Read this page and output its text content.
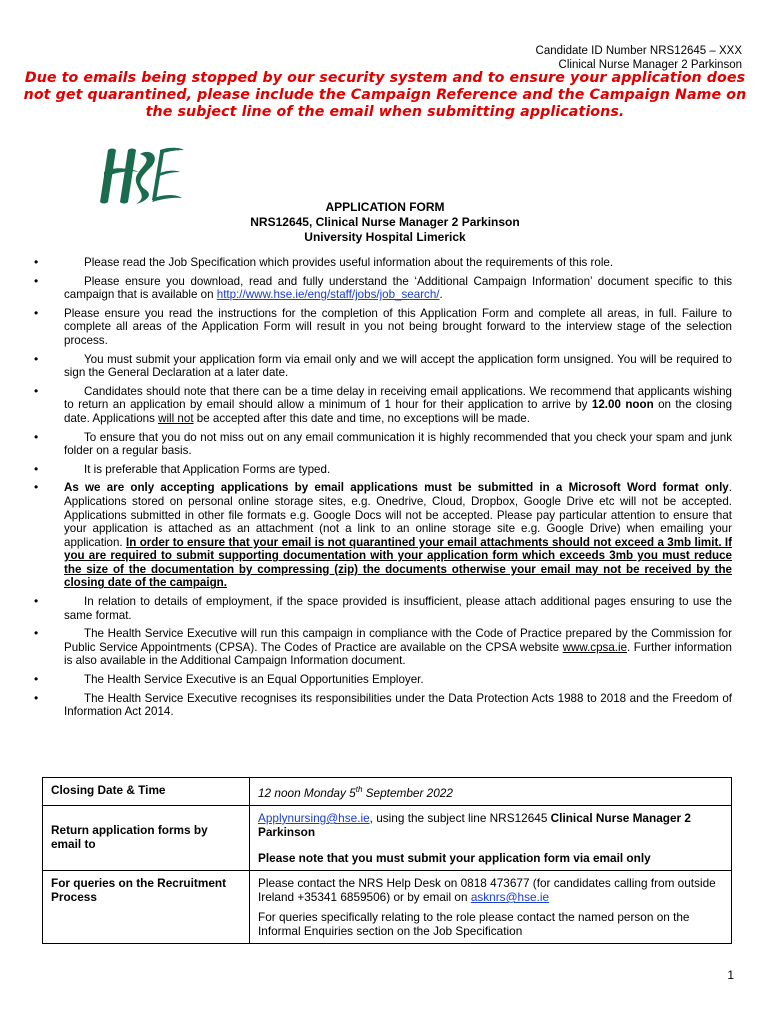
Candidate ID Number NRS12645 – XXX
Clinical Nurse Manager 2 Parkinson
Due to emails being stopped by our security system and to ensure your application does not get quarantined, please include the Campaign Reference and the Campaign Name on the subject line of the email when submitting applications.
APPLICATION FORM
NRS12645, Clinical Nurse Manager 2 Parkinson
University Hospital Limerick
•	Please read the Job Specification which provides useful information about the requirements of this role.
•	Please ensure you download, read and fully understand the ‘Additional Campaign Information’ document specific to this campaign that is available on http://www.hse.ie/eng/staff/jobs/job_search/.
• Please ensure you read the instructions for the completion of this Application Form and complete all areas, in full. Failure to complete all areas of the Application Form will result in you not being brought forward to the interview stage of the selection process.
•	You must submit your application form via email only and we will accept the application form unsigned. You will be required to sign the General Declaration at a later date.
•	Candidates should note that there can be a time delay in receiving email applications. We recommend that applicants wishing to return an application by email should allow a minimum of 1 hour for their application to arrive by 12.00 noon on the closing date. Applications will not be accepted after this date and time, no exceptions will be made.
•	To ensure that you do not miss out on any email communication it is highly recommended that you check your spam and junk folder on a regular basis.
•	It is preferable that Application Forms are typed.
• As we are only accepting applications by email applications must be submitted in a Microsoft Word format only. Applications stored on personal online storage sites, e.g. Onedrive, Cloud, Dropbox, Google Drive etc will not be accepted. Applications submitted in other file formats e.g. Google Docs will not be accepted. Please pay particular attention to ensure that your application is attached as an attachment (not a link to an online storage site e.g. Google Drive) when emailing your application. In order to ensure that your email is not quarantined your email attachments should not exceed a 3mb limit. If you are required to submit supporting documentation with your application form which exceeds 3mb you must reduce the size of the documentation by compressing (zip) the documents otherwise your email may not be received by the closing date of the campaign.
•	In relation to details of employment, if the space provided is insufficient, please attach additional pages ensuring to use the same format.
•	The Health Service Executive will run this campaign in compliance with the Code of Practice prepared by the Commission for Public Service Appointments (CPSA). The Codes of Practice are available on the CPSA website www.cpsa.ie. Further information is also available in the Additional Campaign Information document.
•	The Health Service Executive is an Equal Opportunities Employer.
•	The Health Service Executive recognises its responsibilities under the Data Protection Acts 1988 to 2018 and the Freedom of Information Act 2014.
Closing Date & Time	12 noon Monday 5th September 2022

Return application forms by email to	Applynursing@hse.ie, using the subject line NRS12645 Clinical Nurse Manager 2 Parkinson
Please note that you must submit your application form via email only

For queries on the Recruitment Process	Please contact the NRS Help Desk on 0818 473677 (for candidates calling from outside Ireland +35341 6859506) or by email on asknrs@hse.ie
For queries specifically relating to the role please contact the named person on the Informal Enquiries section on the Job Specification
1
